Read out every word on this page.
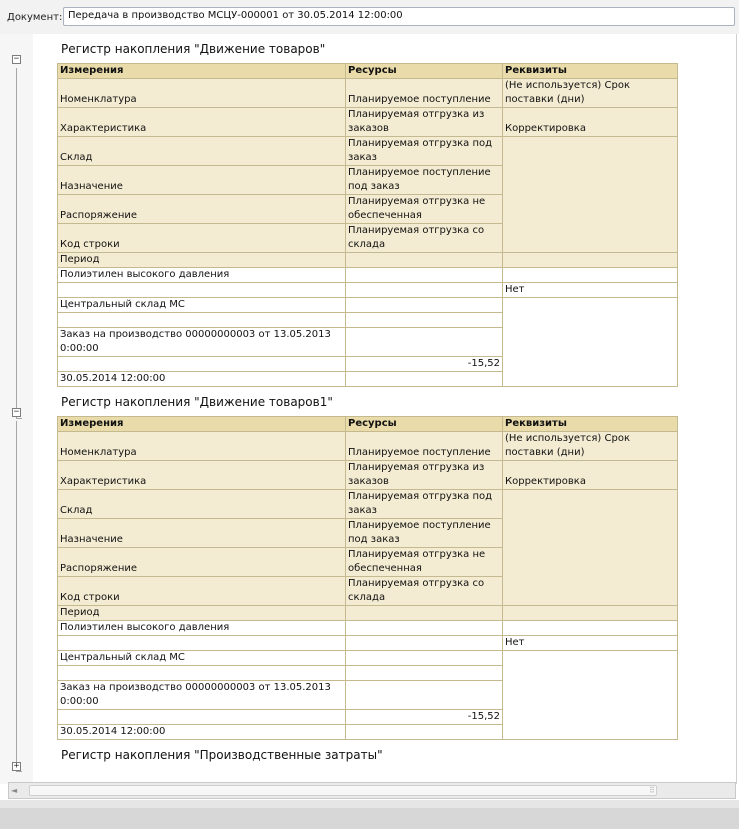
Документ: Передача в производство МСЦУ-000001 от 30.05.2014 12:00:00
−
−
+
Регистр накопления "Движение товаров"
Измерения	Ресурсы	Реквизиты
Номенклатура	Планируемое поступление	(Не используется) Срок поставки (дни)
Характеристика	Планируемая отгрузка из заказов	Корректировка
Склад	Планируемая отгрузка под заказ	
Назначение	Планируемое поступление под заказ	
Распоряжение	Планируемая отгрузка не обеспеченная	
Код строки	Планируемая отгрузка со склада	
Период		
Полиэтилен высокого давления		
		Нет
Центральный склад МС		

Заказ на производство 00000000003 от 13.05.2013 0:00:00		
	-15,52	
30.05.2014 12:00:00		
Регистр накопления "Движение товаров1"
Измерения	Ресурсы	Реквизиты
Номенклатура	Планируемое поступление	(Не используется) Срок поставки (дни)
Характеристика	Планируемая отгрузка из заказов	Корректировка
Склад	Планируемая отгрузка под заказ	
Назначение	Планируемое поступление под заказ	
Распоряжение	Планируемая отгрузка не обеспеченная	
Код строки	Планируемая отгрузка со склада	
Период		
Полиэтилен высокого давления		
		Нет
Центральный склад МС		

Заказ на производство 00000000003 от 13.05.2013 0:00:00		
	-15,52	
30.05.2014 12:00:00		
Регистр накопления "Производственные затраты"
◄	⠿
